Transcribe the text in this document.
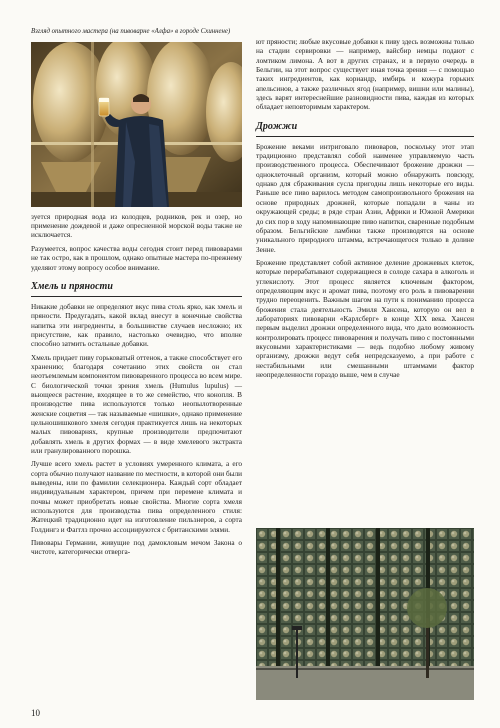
Взгляд опытного мастера (на пивоварне «Алфа» в городе Схиннене)

зуется природная вода из колодцев, родников, рек и озер, но применение дождевой и даже опресненной морской воды также не исключается.

Разумеется, вопрос качества воды сегодня стоит перед пивоварами не так остро, как в прошлом, однако опытные мастера по-прежнему уделяют этому вопросу особое внимание.

Хмель и пряности

Никакие добавки не определяют вкус пива столь ярко, как хмель и пряности. Предугадать, какой вклад внесут в конечные свойства напитка эти ингредиенты, в большинстве случаев несложно; их присутствие, как правило, настолько очевидно, что вполне способно затмить остальные добавки.

Хмель придает пиву горьковатый оттенок, а также способствует его хранению; благодаря сочетанию этих свойств он стал неотъемлемым компонентом пивоваренного процесса во всем мире. С биологической точки зрения хмель (Humulus lupulus) — вьющееся растение, входящее в то же семейство, что конопля. В производстве пива используются только неопылотворенные женские соцветия — так называемые «шишки», однако применение цельношишкового хмеля сегодня практикуется лишь на некоторых малых пивоварнях, крупные производители предпочитают добавлять хмель в других формах — в виде хмелевого экстракта или гранулированного порошка.

Лучше всего хмель растет в условиях умеренного климата, а его сорта обычно получают название по местности, в которой они были выведены, или по фамилии селекционера. Каждый сорт обладает индивидуальным характером, причем при перемене климата и почвы может приобретать новые свойства. Многие сорта хмеля используются для производства пива определенного стиля: Жатецкий традиционно идет на изготовление пильзнеров, а сорта Голдингз и Фагглз прочно ассоциируются с британскими элями.

Пивовары Германии, живущие под дамокловым мечом Закона о чистоте, категорически отверга-

ют пряности; любые вкусовые добавки к пиву здесь возможны только на стадии сервировки — например, вайсбир немцы подают с ломтиком лимона. А вот в других странах, и в первую очередь в Бельгии, на этот вопрос существует иная точка зрения — с помощью таких ингредиентов, как кориандр, имбирь и кожура горьких апельсинов, а также различных ягод (например, вишни или малины), здесь варят интереснейшие разновидности пива, каждая из которых обладает неповторимым характером.

Дрожжи

Брожение веками интриговало пивоваров, поскольку этот этап традиционно представлял собой наименее управляемую часть производственного процесса. Обеспечивают брожение дрожжи — одноклеточный организм, который можно обнаружить повсюду, однако для сбраживания сусла пригодны лишь некоторые его виды. Раньше все пиво варилось методом самопроизвольного брожения на основе природных дрожжей, которые попадали в чаны из окружающей среды; в ряде стран Азии, Африки и Южной Америки до сих пор в ходу напоминающие пиво напитки, сваренные подобным образом. Бельгийские ламбики также производятся на основе уникального природного штамма, встречающегося только в долине Зенне.

Брожение представляет собой активное деление дрожжевых клеток, которые перерабатывают содержащиеся в солоде сахара в алкоголь и углекислоту. Этот процесс является ключевым фактором, определяющим вкус и аромат пива, поэтому его роль в пивоварении трудно переоценить. Важным шагом на пути к пониманию процесса брожения стала деятельность Эмиля Хансена, которую он вел в лабораториях пивоварни «Карлсберг» в конце XIX века. Хансен первым выделил дрожжи определенного вида, что дало возможность контролировать процесс пивоварения и получать пиво с постоянными вкусовыми характеристиками — ведь подобно любому живому организму, дрожжи ведут себя непредсказуемо, а при работе с нестабильными или смешанными штаммами фактор неопределенности гораздо выше, чем в случае

10
